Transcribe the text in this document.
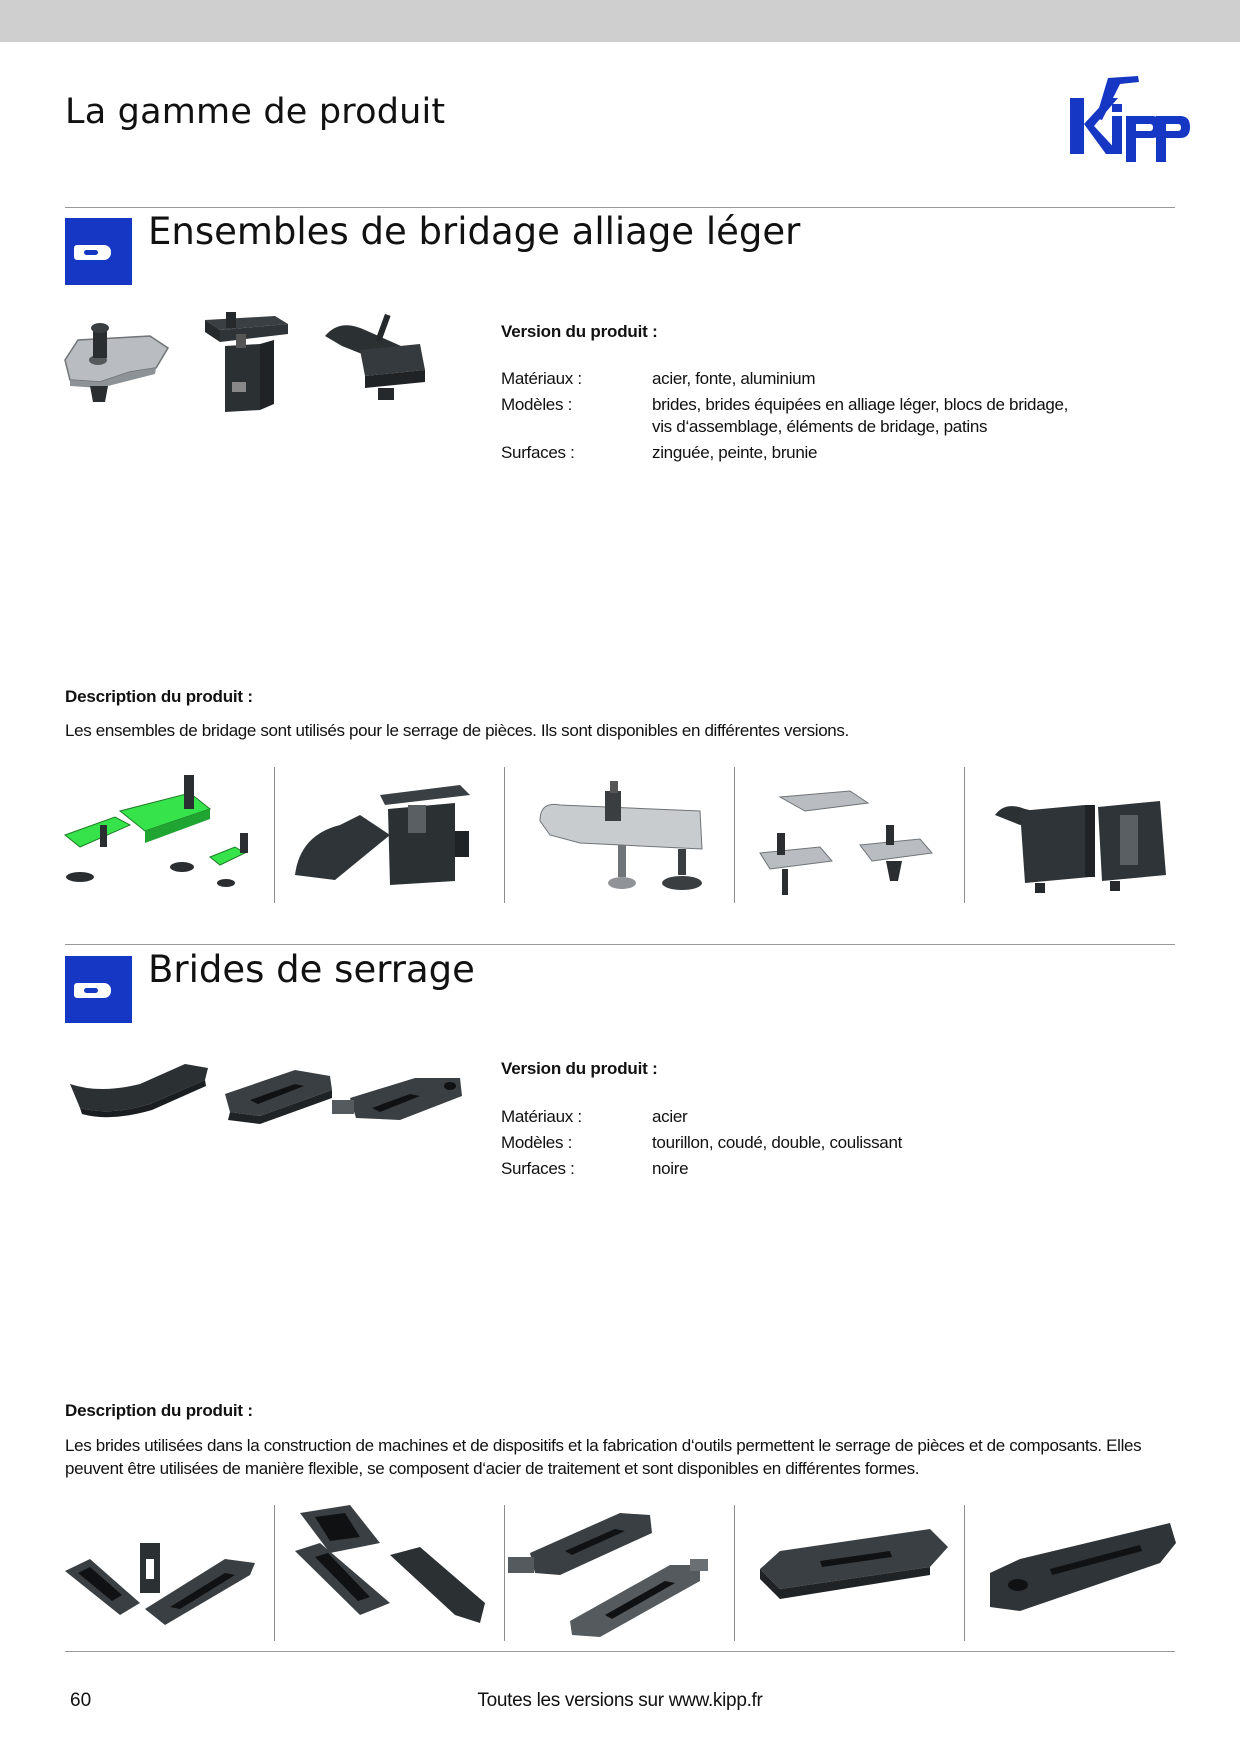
La gamme de produit
Ensembles de bridage alliage léger
Version du produit :
Matériaux :	acier, fonte, aluminium
Modèles :	brides, brides équipées en alliage léger, blocs de bridage, vis d‘assemblage, éléments de bridage, patins
Surfaces :	zinguée, peinte, brunie
Description du produit :

Les ensembles de bridage sont utilisés pour le serrage de pièces. Ils sont disponibles en différentes versions.

Brides de serrage
Version du produit :
Matériaux :	acier
Modèles :	tourillon, coudé, double, coulissant
Surfaces :	noire
Description du produit :

Les brides utilisées dans la construction de machines et de dispositifs et la fabrication d‘outils permettent le serrage de pièces et de composants. Elles peuvent être utilisées de manière flexible, se composent d‘acier de traitement et sont disponibles en différentes formes.

60	Toutes les versions sur www.kipp.fr
